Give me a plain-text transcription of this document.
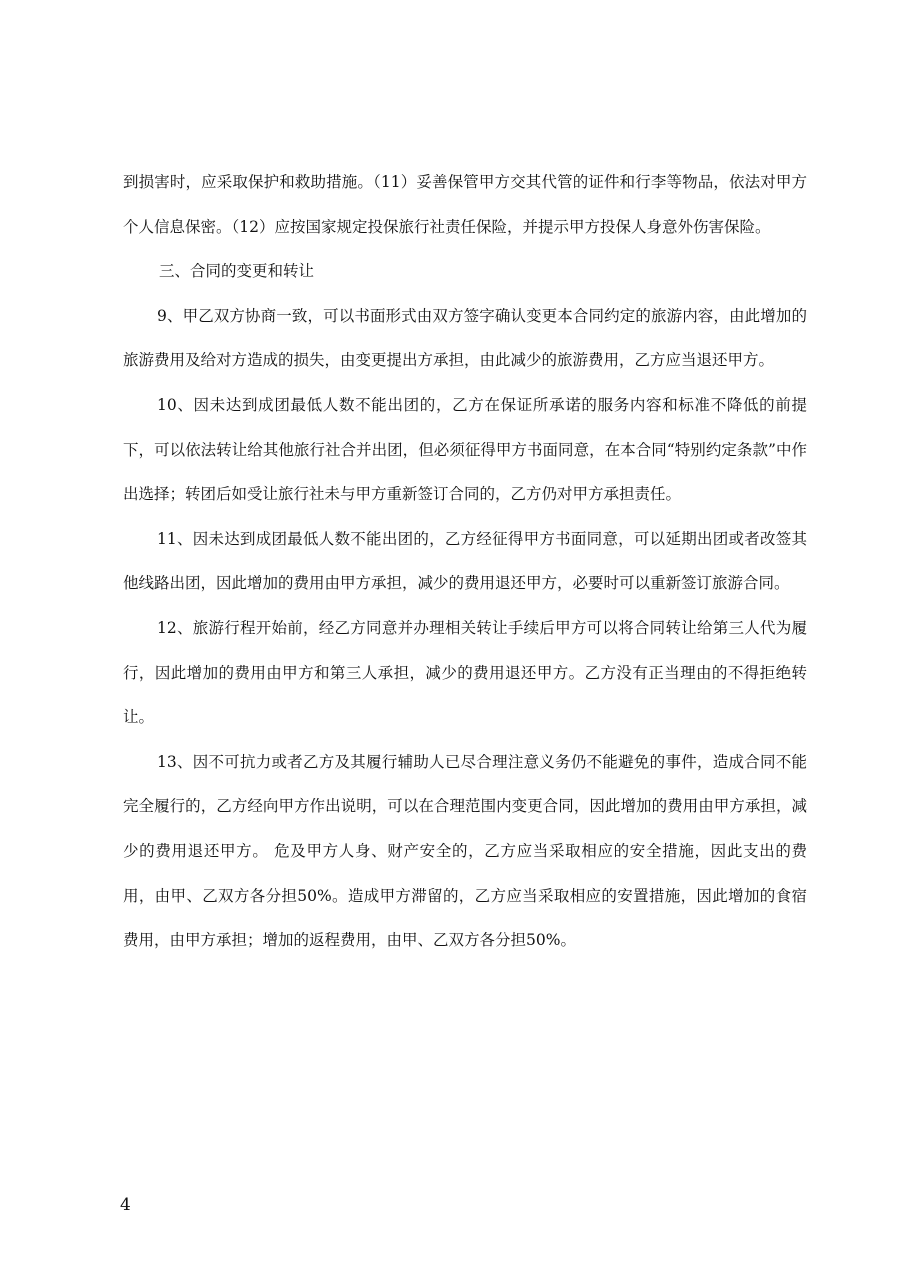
到损害时，应采取保护和救助措施。（11）妥善保管甲方交其代管的证件和行李等物品，依法对甲方个人信息保密。（12）应按国家规定投保旅行社责任保险，并提示甲方投保人身意外伤害保险。

三、合同的变更和转让

9、甲乙双方协商一致，可以书面形式由双方签字确认变更本合同约定的旅游内容，由此增加的旅游费用及给对方造成的损失，由变更提出方承担，由此减少的旅游费用，乙方应当退还甲方。

10、因未达到成团最低人数不能出团的，乙方在保证所承诺的服务内容和标准不降低的前提下，可以依法转让给其他旅行社合并出团，但必须征得甲方书面同意，在本合同“特别约定条款”中作出选择；转团后如受让旅行社未与甲方重新签订合同的，乙方仍对甲方承担责任。

11、因未达到成团最低人数不能出团的，乙方经征得甲方书面同意，可以延期出团或者改签其他线路出团，因此增加的费用由甲方承担，减少的费用退还甲方，必要时可以重新签订旅游合同。

12、旅游行程开始前，经乙方同意并办理相关转让手续后甲方可以将合同转让给第三人代为履行，因此增加的费用由甲方和第三人承担，减少的费用退还甲方。乙方没有正当理由的不得拒绝转让。

13、因不可抗力或者乙方及其履行辅助人已尽合理注意义务仍不能避免的事件，造成合同不能完全履行的，乙方经向甲方作出说明，可以在合理范围内变更合同，因此增加的费用由甲方承担，减少的费用退还甲方。 危及甲方人身、财产安全的，乙方应当采取相应的安全措施，因此支出的费用，由甲、乙双方各分担50%。造成甲方滞留的，乙方应当采取相应的安置措施，因此增加的食宿费用，由甲方承担；增加的返程费用，由甲、乙双方各分担50%。

4
